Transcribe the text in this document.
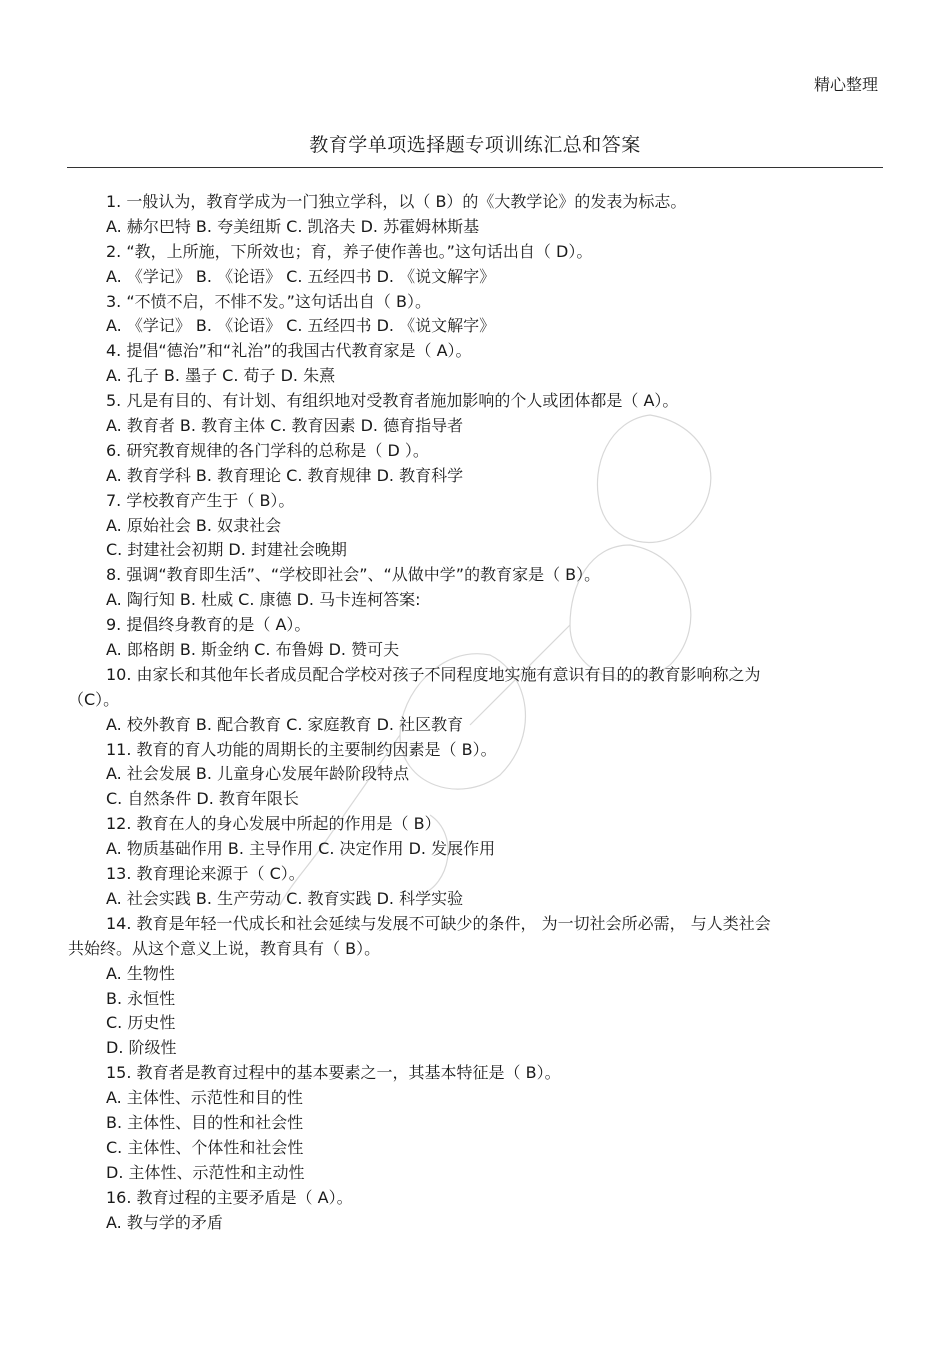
精心整理
教育学单项选择题专项训练汇总和答案
1. 一般认为，教育学成为一门独立学科，以（ B）的《大教学论》的发表为标志。
A. 赫尔巴特 B. 夸美纽斯 C. 凯洛夫 D. 苏霍姆林斯基
2. “教，上所施，下所效也；育，养子使作善也。”这句话出自（ D）。
A. 《学记》 B. 《论语》 C. 五经四书 D. 《说文解字》
3. “不愤不启，不悱不发。”这句话出自（ B）。
A. 《学记》 B. 《论语》 C. 五经四书 D. 《说文解字》
4. 提倡“德治”和“礼治”的我国古代教育家是（ A）。
A. 孔子 B. 墨子 C. 荀子 D. 朱熹
5. 凡是有目的、有计划、有组织地对受教育者施加影响的个人或团体都是（ A）。
A. 教育者 B. 教育主体 C. 教育因素 D. 德育指导者
6. 研究教育规律的各门学科的总称是（ D ）。
A. 教育学科 B. 教育理论 C. 教育规律 D. 教育科学
7. 学校教育产生于（ B）。
A. 原始社会 B. 奴隶社会
C. 封建社会初期 D. 封建社会晚期
8. 强调“教育即生活”、“学校即社会”、“从做中学”的教育家是（ B）。
A. 陶行知 B. 杜威 C. 康德 D. 马卡连柯答案:
9. 提倡终身教育的是（ A）。
A. 郎格朗 B. 斯金纳 C. 布鲁姆 D. 赞可夫
10. 由家长和其他年长者成员配合学校对孩子不同程度地实施有意识有目的的教育影响称之为
（C）。
A. 校外教育 B. 配合教育 C. 家庭教育 D. 社区教育
11. 教育的育人功能的周期长的主要制约因素是（ B）。
A. 社会发展 B. 儿童身心发展年龄阶段特点
C. 自然条件 D. 教育年限长
12. 教育在人的身心发展中所起的作用是（ B）
A. 物质基础作用 B. 主导作用 C. 决定作用 D. 发展作用
13. 教育理论来源于（ C）。
A. 社会实践 B. 生产劳动 C. 教育实践 D. 科学实验
14. 教育是年轻一代成长和社会延续与发展不可缺少的条件， 为一切社会所必需， 与人类社会
共始终。从这个意义上说，教育具有（ B）。
A. 生物性
B. 永恒性
C. 历史性
D. 阶级性
15. 教育者是教育过程中的基本要素之一，其基本特征是（ B）。
A. 主体性、示范性和目的性
B. 主体性、目的性和社会性
C. 主体性、个体性和社会性
D. 主体性、示范性和主动性
16. 教育过程的主要矛盾是（ A）。
A. 教与学的矛盾
